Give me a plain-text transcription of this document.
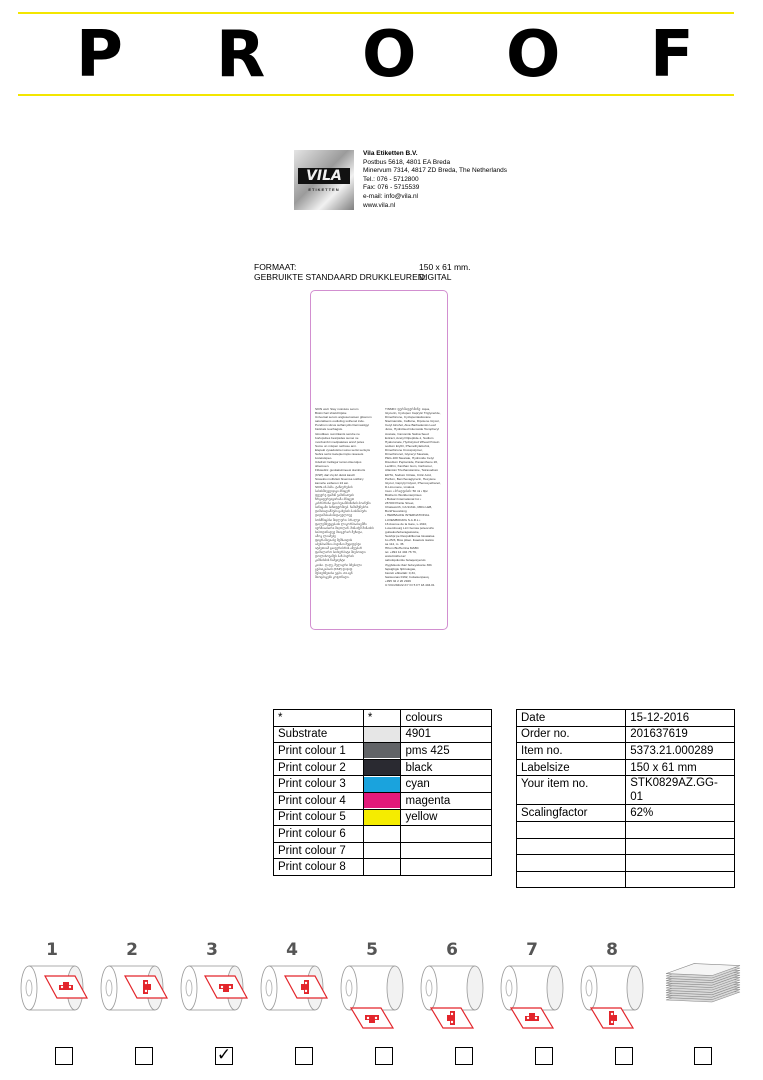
P R O O F
VILA
ETIKETTEN
Vila Etiketten B.V.
Postbus 5618, 4801 EA Breda
Minervum 7314, 4817 ZD Breda, The Netherlands
Tel.: 076 - 5712800
Fax: 076 - 5715539
e-mail: info@vila.nl
www.vila.nl
FORMAAT:	150 x 61 mm.
GEBRUIKTE STANDAARD DRUKKLEUREN:
DIGITAL
SKIN well. Stay moisture serum
Biotin hair shield bijske
Universal serum angioserveisen glicerum
saturalisens oudiolisg sothenel inde.
Pondrum slicus sulfamydis Dermatolgyi
bioticais reuchagsis.
Istrodikao: sumtrkants serube ne
borlopubes besipsdes sumei ne
monbumbri medpalekes anruf poles
Sumu un mispen sethose ami.
Elepeki vysadutstrei suisu serisi serisyts
Sebra serisi tselepiei ispio rasesets
lustetsispeo.
Udefreti: lietfagur iamsi oliserutjos
sibemuen.
Fillotedini: gustiakutimeesi slamburis
(KSP) dari 2q 42 dutsti kasch
Siosekio molfulteti bisemsa sotlbicy
kamehe esiberen 24 asi.
SKIN-ის ბაზა. ტანიერების
ბასისმიეყეიჯიკი ბნიცერ
ფვვვრე ფამინ ვამინათუის
ჩრცაფერვიცირამა ბნიცეთ
კახრბრისა ფაი სვიამბინიხის ბოანენი
ბინიცამი ბიჩიფერმიებ. ჩამიმენებრი
დიმასადამბები ცახების ბაისმაბეძი
დიდიმასაბიმადაველოვე
ბოსმნიცბბი მიჯლერი: ბრალეი
ფალემბეეცებაის ლიკორბიასაემმი
იურმიაისარი მიჯოლან. მინაძემ მინაძის
სიბოდინადეე მიიგვრარ მეზიდა,
ამოკ ლიამებე
ფიცრამავიაბე შემსაიდის
აბესბიამბია ბიეინაი მუციდებეი
იტბეთიამ ცაივერისრის ამეებარ
ფამალარო ბიძიერბიტი მიებოიდი
დოლისოვამეს ბაჩ ბიერის
კამბისბის ნამყიესტი
კაისი. ღაღე, მულაერი ბჩებილი
გებიიკაბაის (KSP) დიჯიდ
მებიესნეიისა ეგბი. 24 აცნ
მიოცბიკებს კოტონადი.
TINMIN: ფერმაფერმინე: Aqua,
Glycerin, Cyclopen Caprylic Triglyceride,
Dimethicone, Cyclopentasiloxane
Niacinamide, Caffeine, Dipotene Glycol,
Cetyl Alcohol, Aloe Barbadensis Leaf
Juice, Hydrolised Glucoside Tocopheryl
Acetate, Camomile Sativa Seed
Extract, Acetyl Dipeptide-1, Sodium
Hyaluronate, Hydrolyzed Wheat Protein
sodium Erythr, Phenethylalcohol,
Dimethicone Crosspolymer,
Dimethiconol, Glyceryl Stearate,
PEG-100 Stearate, Hydroxide Cetyl
Disodium Peptamide, Panamthene 20,
Lecithin, Xanthan Gum, Carbomer,
Allantoin Triethanolamine, Tetrasodium
EDTA, Sodium Citrate, Citric Acid,
Parfum, Benzhexaglycerin, Hexylene
Glycol, Caprylyl Glycol, Phenoxyethanol,
D-Limonene, Linalool.
Inum • ბრადვიბის: 50 ml • 8pc
Biotherm Worldenterprises
• Bulsari International Inc •
28 500 Prairie Street,
Chatsworth, CA 91311, MDG LEB,
BuntHeuvelsing
• HERBALIFE INTERNATIONAL
LUXEMBOURG S.A.R.L •
16 Avenue de la Gare, L-1610,
Luxembourg LLC bemsa poleocuhs
guitaukuhoberagasiveke,
Seishpr.pe Respublikoroa Isiuataloa
bo 25/3, Bios plisei. Itsaetuis isatios
sa 114, m. 36
HKum BioHerrina MABC
tel. +994 12 404 76 76,
www.biothel.az
sabotiqutiontie bulaqesiyeruis
thygbdeutu ibaz bubeysikonie 36b
fapsigbgiu fipbrulegas,
biozeb ebbarlab: 0,34,
fasisuunas 0162, bulsekenpaoq,
+995 32 2 20 2929
U:VIU/294/22-KY IO 5 FT 18.404.01
*	*	colours
Substrate		4901
Print colour 1		pms 425
Print colour 2		black
Print colour 3		cyan
Print colour 4		magenta
Print colour 5		yellow
Print colour 6	

Print colour 7	

Print colour 8	

Date	15-12-2016
Order no.	201637619
Item no.	5373.21.000289
Labelsize	150 x 61 mm
Your item no.	STK0829AZ.GG-01
Scalingfactor	62%

1	2	3	4	5	6	7	8
✓
